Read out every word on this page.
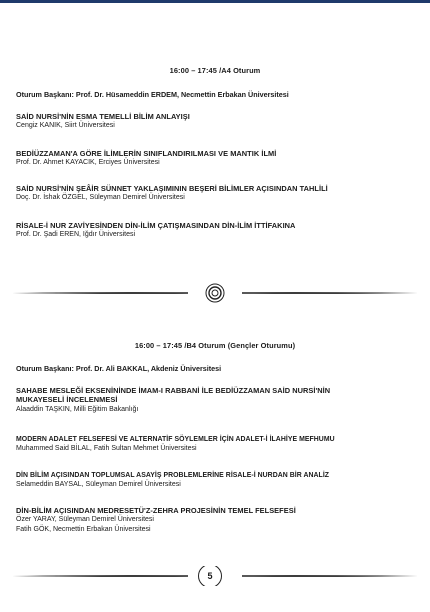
16:00 – 17:45 /A4 Oturum
Oturum Başkanı: Prof. Dr. Hüsameddin ERDEM, Necmettin Erbakan Üniversitesi
SAİD NURSİ'NİN ESMA TEMELLİ BİLİM ANLAYIŞI
Cengiz KANIK, Siirt Üniversitesi
BEDİÜZZAMAN'A GÖRE İLİMLERİN SINIFLANDIRILMASI VE MANTIK İLMİ
Prof. Dr. Ahmet KAYACIK, Erciyes Üniversitesi
SAİD NURSİ'NİN ŞEÂİR SÜNNET YAKLAŞIMININ BEŞERİ BİLİMLER AÇISINDAN TAHLİLİ
Doç. Dr. İshak ÖZGEL, Süleyman Demirel Üniversitesi
RİSALE-İ NUR ZAVİYESİNDEN DİN-İLİM ÇATIŞMASINDAN DİN-İLİM İTTİFAKINA
Prof. Dr. Şadi EREN, Iğdır Üniversitesi
16:00 – 17:45 /B4 Oturum (Gençler Oturumu)
Oturum Başkanı: Prof. Dr. Ali BAKKAL, Akdeniz Üniversitesi
SAHABE MESLEĞİ EKSENİNİNDE İMAM-I RABBANİ İLE BEDİÜZZAMAN SAİD NURSİ'NİN
MUKAYESELİ İNCELENMESİ
Alaaddin TAŞKIN, Milli Eğitim Bakanlığı
MODERN ADALET FELSEFESİ VE ALTERNATİF SÖYLEMLER İÇİN ADALET-İ İLAHİYE MEFHUMU
Muhammed Said BİLAL, Fatih Sultan Mehmet Üniversitesi
DİN BİLİM AÇISINDAN TOPLUMSAL ASAYİŞ PROBLEMLERİNE RİSALE-İ NURDAN BİR ANALİZ
Selameddin BAYSAL, Süleyman Demirel Üniversitesi
DİN-BİLİM AÇISINDAN MEDRESETÜ'Z-ZEHRA PROJESİNİN TEMEL FELSEFESİ
Özer YARAY, Süleyman Demirel Üniversitesi
Fatih GÖK, Necmettin Erbakan Üniversitesi
5
